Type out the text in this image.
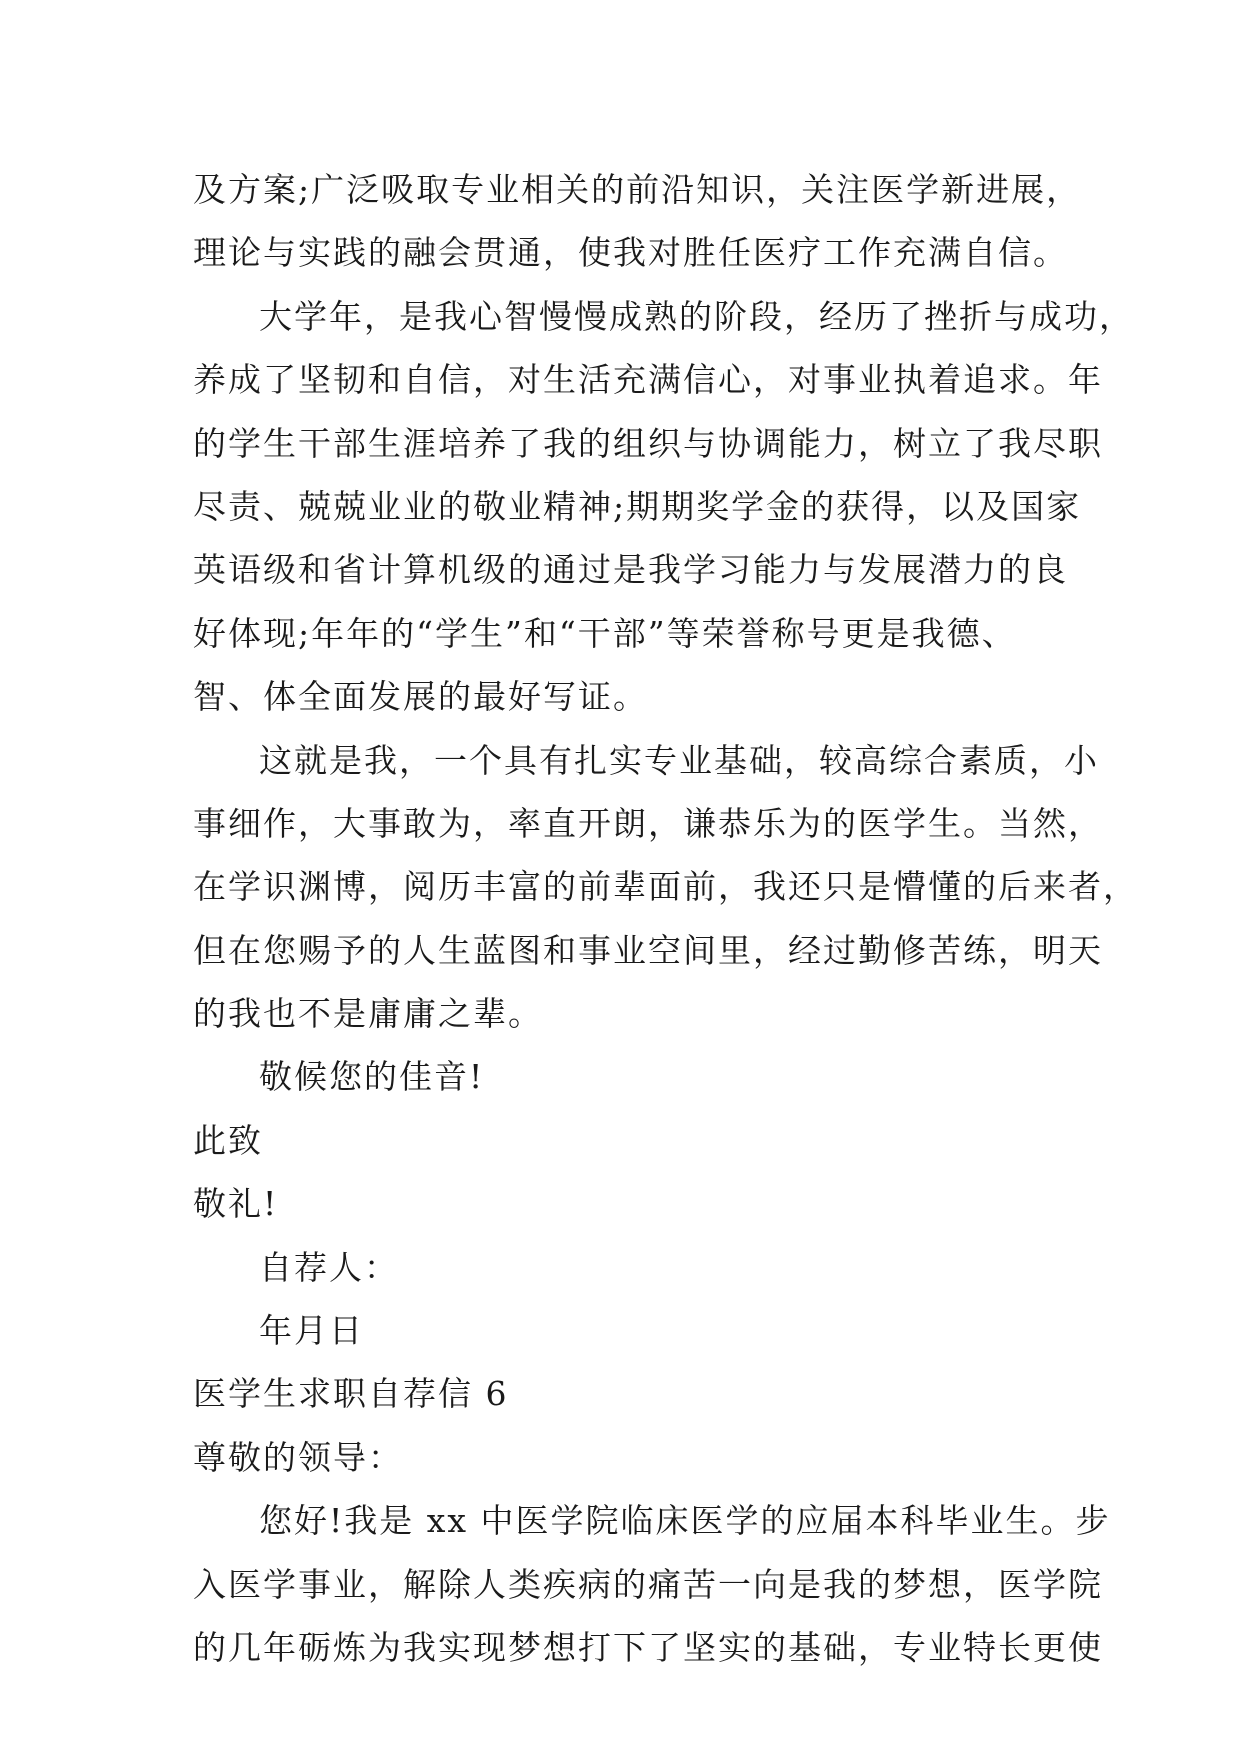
及方案;广泛吸取专业相关的前沿知识，关注医学新进展，
理论与实践的融会贯通，使我对胜任医疗工作充满自信。
大学年，是我心智慢慢成熟的阶段，经历了挫折与成功，
养成了坚韧和自信，对生活充满信心，对事业执着追求。年
的学生干部生涯培养了我的组织与协调能力，树立了我尽职
尽责、兢兢业业的敬业精神;期期奖学金的获得，以及国家
英语级和省计算机级的通过是我学习能力与发展潜力的良
好体现;年年的“学生”和“干部”等荣誉称号更是我德、
智、体全面发展的最好写证。
这就是我，一个具有扎实专业基础，较高综合素质，小
事细作，大事敢为，率直开朗，谦恭乐为的医学生。当然，
在学识渊博，阅历丰富的前辈面前，我还只是懵懂的后来者，
但在您赐予的人生蓝图和事业空间里，经过勤修苦练，明天
的我也不是庸庸之辈。
敬候您的佳音!
此致
敬礼!
自荐人：
年月日
医学生求职自荐信 6
尊敬的领导：
您好!我是 xx 中医学院临床医学的应届本科毕业生。步
入医学事业，解除人类疾病的痛苦一向是我的梦想，医学院
的几年砺炼为我实现梦想打下了坚实的基础，专业特长更使
